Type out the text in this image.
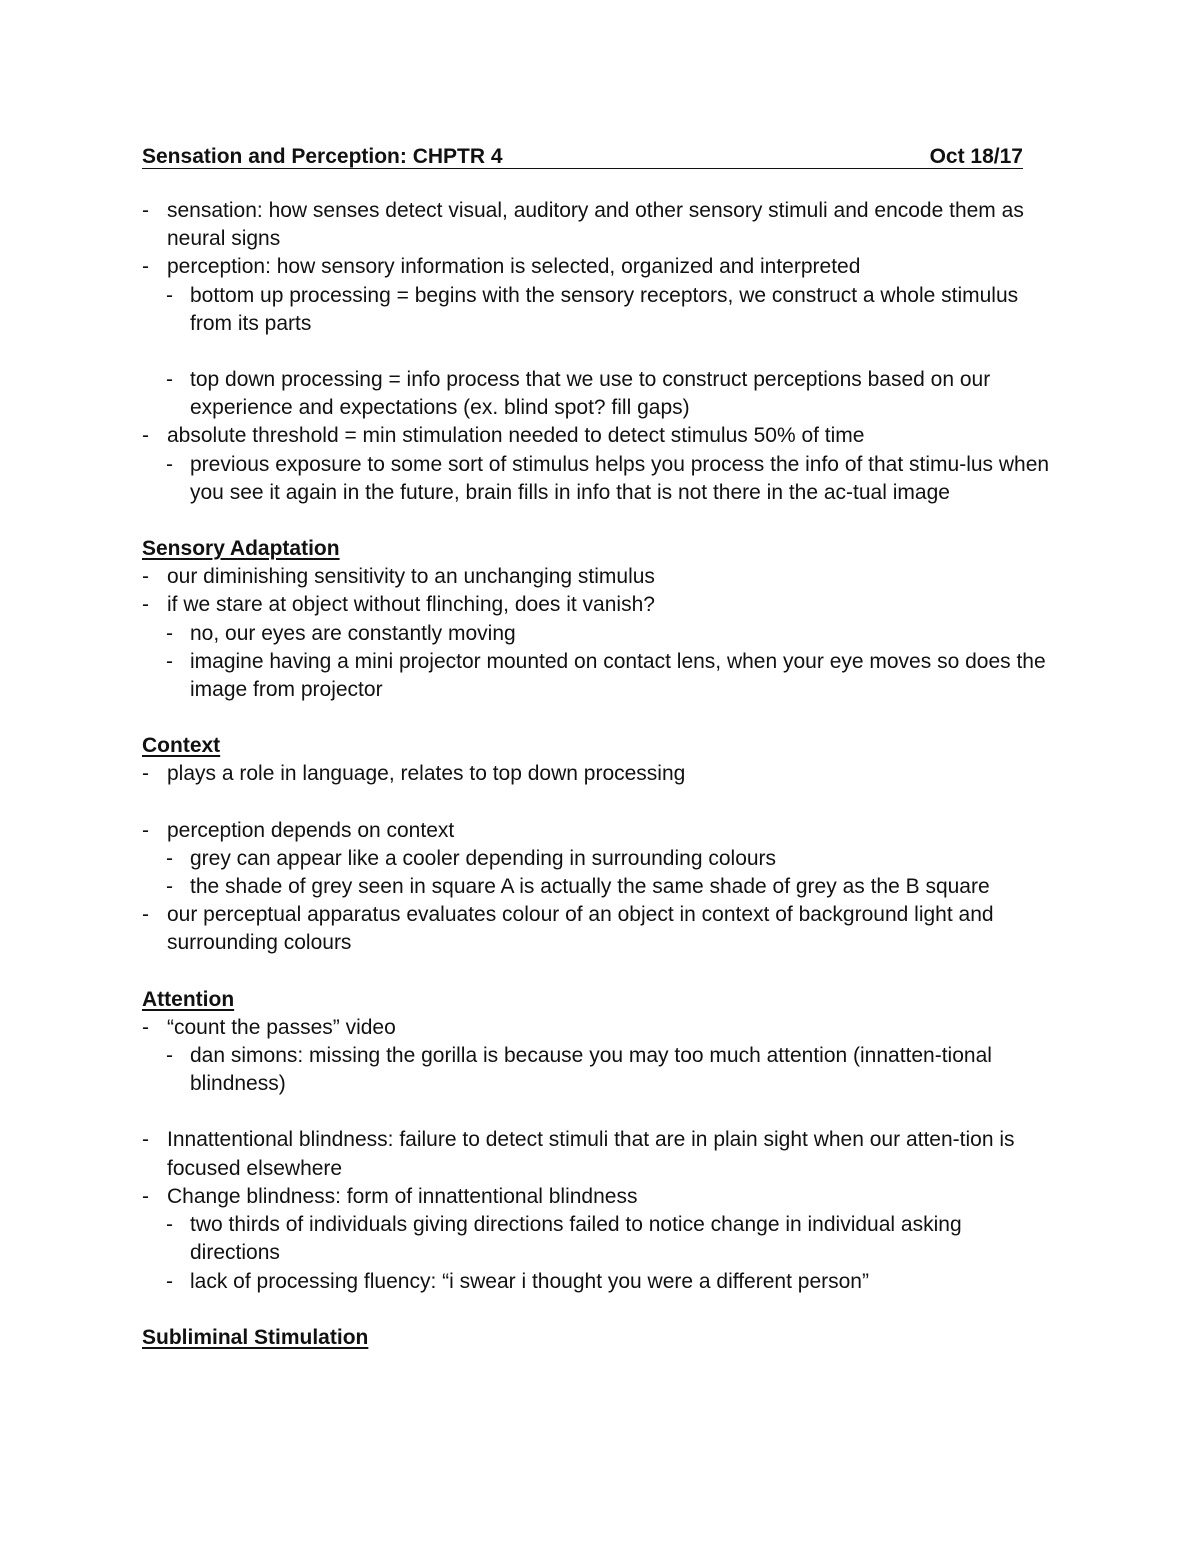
Sensation and Perception: CHPTR 4	Oct 18/17
- sensation: how senses detect visual, auditory and other sensory stimuli and encode them as neural signs
- perception: how sensory information is selected, organized and interpreted
- bottom up processing = begins with the sensory receptors, we construct a whole stimulus from its parts
- top down processing = info process that we use to construct perceptions based on our experience and expectations (ex. blind spot? fill gaps)
- absolute threshold = min stimulation needed to detect stimulus 50% of time
- previous exposure to some sort of stimulus helps you process the info of that stimu-lus when you see it again in the future, brain fills in info that is not there in the ac-tual image
Sensory Adaptation
- our diminishing sensitivity to an unchanging stimulus
- if we stare at object without flinching, does it vanish?
- no, our eyes are constantly moving
- imagine having a mini projector mounted on contact lens, when your eye moves so does the image from projector
Context
- plays a role in language, relates to top down processing
- perception depends on context
- grey can appear like a cooler depending in surrounding colours
- the shade of grey seen in square A is actually the same shade of grey as the B square
- our perceptual apparatus evaluates colour of an object in context of background light and surrounding colours
Attention
- “count the passes” video
- dan simons: missing the gorilla is because you may too much attention (innatten-tional blindness)
- Innattentional blindness: failure to detect stimuli that are in plain sight when our atten-tion is focused elsewhere
- Change blindness: form of innattentional blindness
- two thirds of individuals giving directions failed to notice change in individual asking directions
- lack of processing fluency: “i swear i thought you were a different person”
Subliminal Stimulation
